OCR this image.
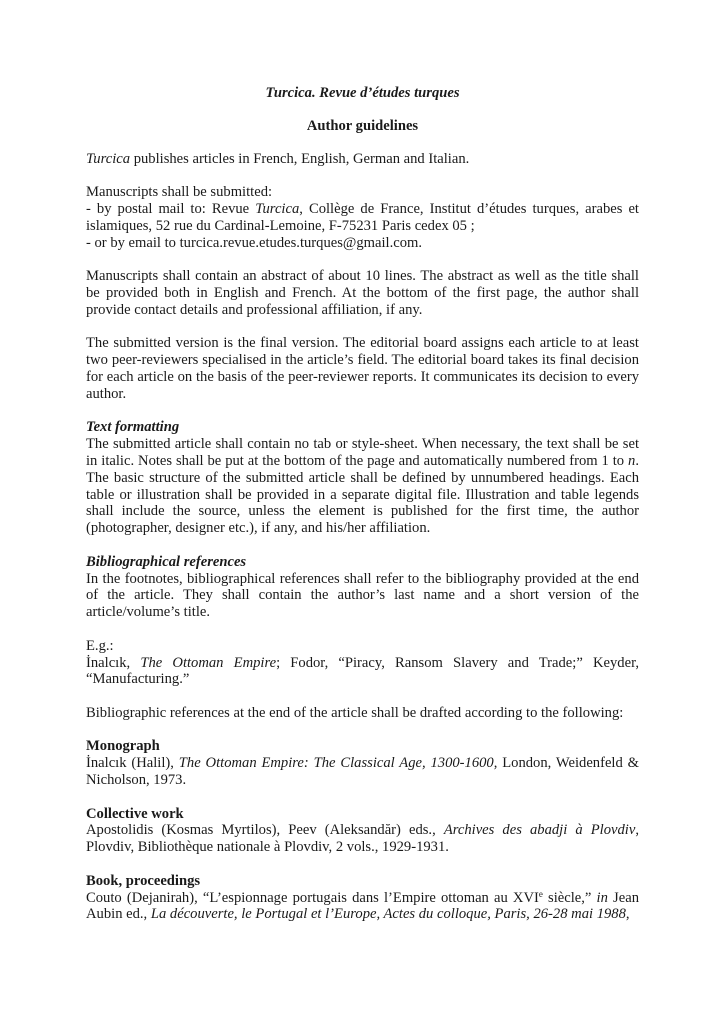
Turcica. Revue d’études turques

Author guidelines

Turcica publishes articles in French, English, German and Italian.

Manuscripts shall be submitted:

- by postal mail to: Revue Turcica, Collège de France, Institut d’études turques, arabes et islamiques, 52 rue du Cardinal-Lemoine, F-75231 Paris cedex 05 ;

- or by email to turcica.revue.etudes.turques@gmail.com.

Manuscripts shall contain an abstract of about 10 lines. The abstract as well as the title shall be provided both in English and French. At the bottom of the first page, the author shall provide contact details and professional affiliation, if any.

The submitted version is the final version. The editorial board assigns each article to at least two peer-reviewers specialised in the article’s field. The editorial board takes its final decision for each article on the basis of the peer-reviewer reports. It communicates its decision to every author.

Text formatting

The submitted article shall contain no tab or style-sheet. When necessary, the text shall be set in italic. Notes shall be put at the bottom of the page and automatically numbered from 1 to n. The basic structure of the submitted article shall be defined by unnumbered headings. Each table or illustration shall be provided in a separate digital file. Illustration and table legends shall include the source, unless the element is published for the first time, the author (photographer, designer etc.), if any, and his/her affiliation.

Bibliographical references

In the footnotes, bibliographical references shall refer to the bibliography provided at the end of the article. They shall contain the author’s last name and a short version of the article/volume’s title.

E.g.:

İnalcık, The Ottoman Empire; Fodor, “Piracy, Ransom Slavery and Trade;” Keyder, “Manufacturing.”

Bibliographic references at the end of the article shall be drafted according to the following:

Monograph

İnalcık (Halil), The Ottoman Empire: The Classical Age, 1300-1600, London, Weidenfeld & Nicholson, 1973.

Collective work

Apostolidis (Kosmas Myrtilos), Peev (Aleksandăr) eds., Archives des abadji à Plovdiv, Plovdiv, Bibliothèque nationale à Plovdiv, 2 vols., 1929-1931.

Book, proceedings

Couto (Dejanirah), “L’espionnage portugais dans l’Empire ottoman au XVIe siècle,” in Jean Aubin ed., La découverte, le Portugal et l’Europe, Actes du colloque, Paris, 26-28 mai 1988,
